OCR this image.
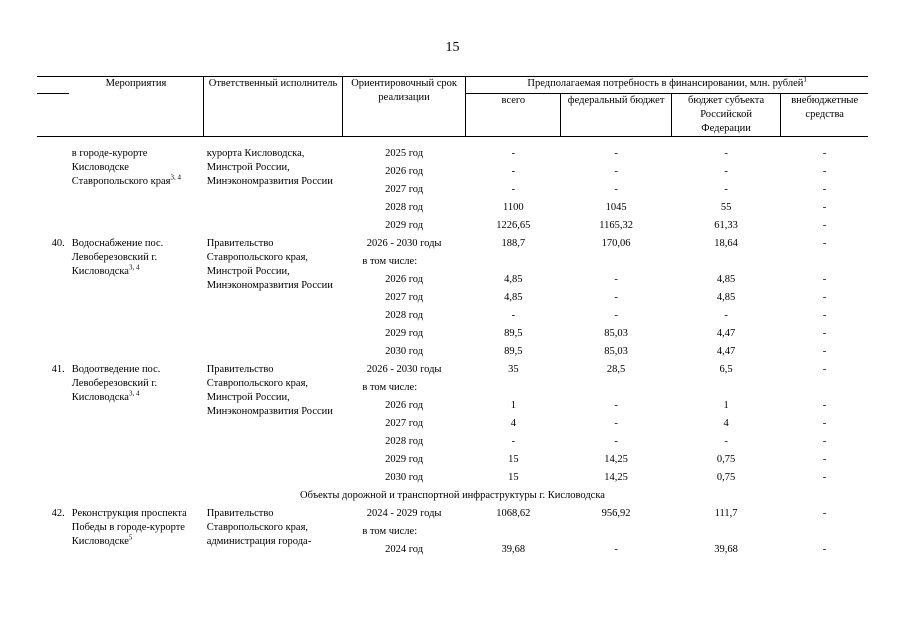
15
	Мероприятия	Ответственный исполнитель	Ориентировочный срок реализации	Предполагаемая потребность в финансировании, млн. рублей$^1$
				всего	федеральный бюджет	бюджет субъекта Российской Федерации	внебюджетные средства

	в городе-курорте Кисловодске Ставропольского края$^{3, 4}$	курорта Кисловодска, Минстрой России, Минэкономразвития России	2025 год	-	-	-	-
			2026 год	-	-	-	-
			2027 год	-	-	-	-
			2028 год	1100	1045	55	-
			2029 год	1226,65	1165,32	61,33	-
40.	Водоснабжение пос. Левоберезовский г. Кисловодска$^{3, 4}$	Правительство Ставропольского края, Минстрой России, Минэкономразвития России	2026 - 2030 годы	188,7	170,06	18,64	-
			в том числе:				
			2026 год	4,85	-	4,85	-
			2027 год	4,85	-	4,85	-
			2028 год	-	-	-	-
			2029 год	89,5	85,03	4,47	-
			2030 год	89,5	85,03	4,47	-
41.	Водоотведение пос. Левоберезовский г. Кисловодска$^{3, 4}$	Правительство Ставропольского края, Минстрой России, Минэкономразвития России	2026 - 2030 годы	35	28,5	6,5	-
			в том числе:				
			2026 год	1	-	1	-
			2027 год	4	-	4	-
			2028 год	-	-	-	-
			2029 год	15	14,25	0,75	-
			2030 год	15	14,25	0,75	-
Объекты дорожной и транспортной инфраструктуры г. Кисловодска							
42.	Реконструкция проспекта Победы в городе-курорте Кисловодске$^5$	Правительство Ставропольского края, администрация города-	2024 - 2029 годы	1068,62	956,92	111,7	-
			в том числе:				
			2024 год	39,68	-	39,68	-
